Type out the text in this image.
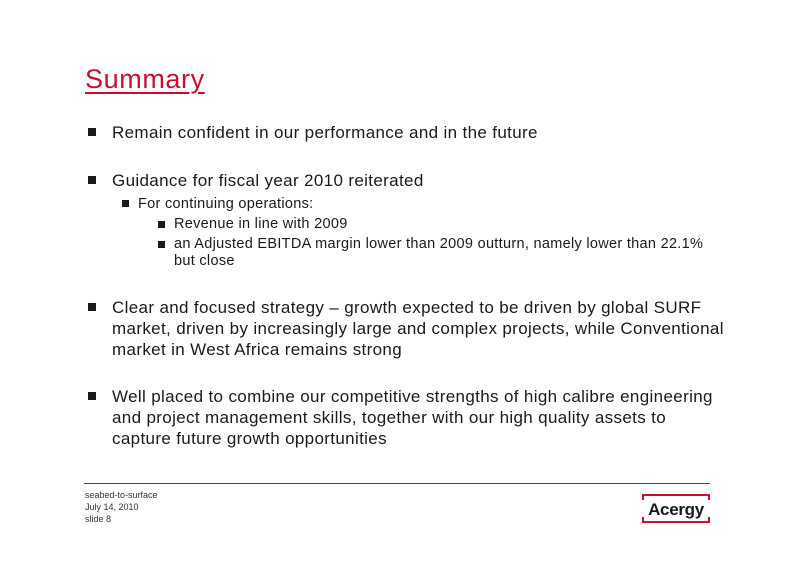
Summary
Remain confident in our performance and in the future
Guidance for fiscal year 2010 reiterated
For continuing operations:
Revenue in line with 2009
an Adjusted EBITDA margin lower than 2009 outturn, namely lower than 22.1% but close
Clear and focused strategy – growth expected to be driven by global SURF market, driven by increasingly large and complex projects, while Conventional market in West Africa remains strong
Well placed to combine our competitive strengths of high calibre engineering and project management skills, together with our high quality assets to capture future growth opportunities
seabed-to-surface
July 14, 2010
slide 8	Acergy
